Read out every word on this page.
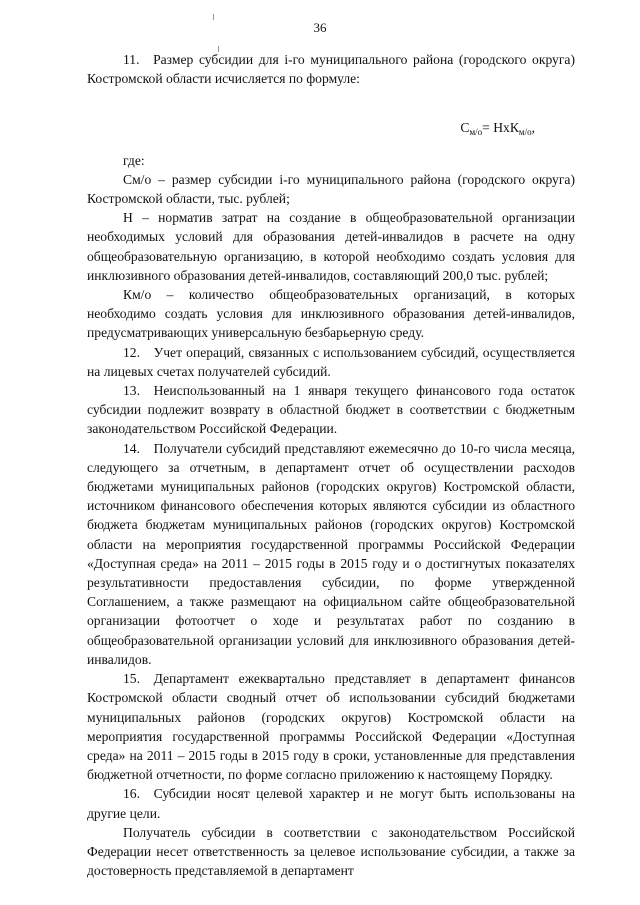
36

11. Размер субсидии для i-го муниципального района (городского округа) Костромской области исчисляется по формуле:

$С_{м/о}= НхК_{м/о}$,

где:

См/о – размер субсидии i-го муниципального района (городского округа) Костромской области, тыс. рублей;

Н – норматив затрат на создание в общеобразовательной организации необходимых условий для образования детей-инвалидов в расчете на одну общеобразовательную организацию, в которой необходимо создать условия для инклюзивного образования детей-инвалидов, составляющий 200,0 тыс. рублей;

Км/о – количество общеобразовательных организаций, в которых необходимо создать условия для инклюзивного образования детей-инвалидов, предусматривающих универсальную безбарьерную среду.

12. Учет операций, связанных с использованием субсидий, осуществляется на лицевых счетах получателей субсидий.

13. Неиспользованный на 1 января текущего финансового года остаток субсидии подлежит возврату в областной бюджет в соответствии с бюджетным законодательством Российской Федерации.

14. Получатели субсидий представляют ежемесячно до 10-го числа месяца, следующего за отчетным, в департамент отчет об осуществлении расходов бюджетами муниципальных районов (городских округов) Костромской области, источником финансового обеспечения которых являются субсидии из областного бюджета бюджетам муниципальных районов (городских округов) Костромской области на мероприятия государственной программы Российской Федерации «Доступная среда» на 2011 – 2015 годы в 2015 году и о достигнутых показателях результативности предоставления субсидии, по форме утвержденной Соглашением, а также размещают на официальном сайте общеобразовательной организации фотоотчет о ходе и результатах работ по созданию в общеобразовательной организации условий для инклюзивного образования детей-инвалидов.

15. Департамент ежеквартально представляет в департамент финансов Костромской области сводный отчет об использовании субсидий бюджетами муниципальных районов (городских округов) Костромской области на мероприятия государственной программы Российской Федерации «Доступная среда» на 2011 – 2015 годы в 2015 году в сроки, установленные для представления бюджетной отчетности, по форме согласно приложению к настоящему Порядку.

16. Субсидии носят целевой характер и не могут быть использованы на другие цели.

Получатель субсидии в соответствии с законодательством Российской Федерации несет ответственность за целевое использование субсидии, а также за достоверность представляемой в департамент
